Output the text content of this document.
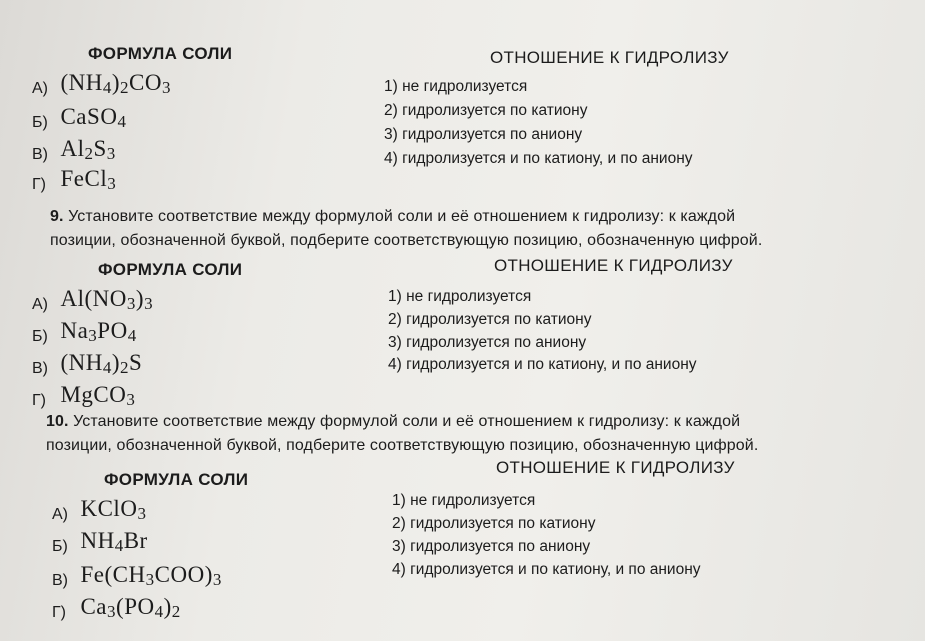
ФОРМУЛА СОЛИ	ОТНОШЕНИЕ К ГИДРОЛИЗУ
А) $(NH_4)_2CO_3$
Б) CaSO$_4$
В) $Al_2S_3$
Г) FeCl$_3$
1) не гидролизуется
2) гидролизуется по катиону
3) гидролизуется по аниону
4) гидролизуется и по катиону, и по аниону
9. Установите соответствие между формулой соли и её отношением к гидролизу: к каждой
позиции, обозначенной буквой, подберите соответствующую позицию, обозначенную цифрой.
ФОРМУЛА СОЛИ	ОТНОШЕНИЕ К ГИДРОЛИЗУ
А) $Al(NO_3)_3$
Б) $Na_3PO_4$
В) $(NH_4)_2S$
Г) MgCO$_3$
1) не гидролизуется
2) гидролизуется по катиону
3) гидролизуется по аниону
4) гидролизуется и по катиону, и по аниону
10. Установите соответствие между формулой соли и её отношением к гидролизу: к каждой
позиции, обозначенной буквой, подберите соответствующую позицию, обозначенную цифрой.
ФОРМУЛА СОЛИ
ОТНОШЕНИЕ К ГИДРОЛИЗУ
А) KClO$_3$
Б) $NH_4Br$
В) $Fe(CH_3COO)_3$
Г) $Ca_3(PO_4)_2$
1) не гидролизуется
2) гидролизуется по катиону
3) гидролизуется по аниону
4) гидролизуется и по катиону, и по аниону
